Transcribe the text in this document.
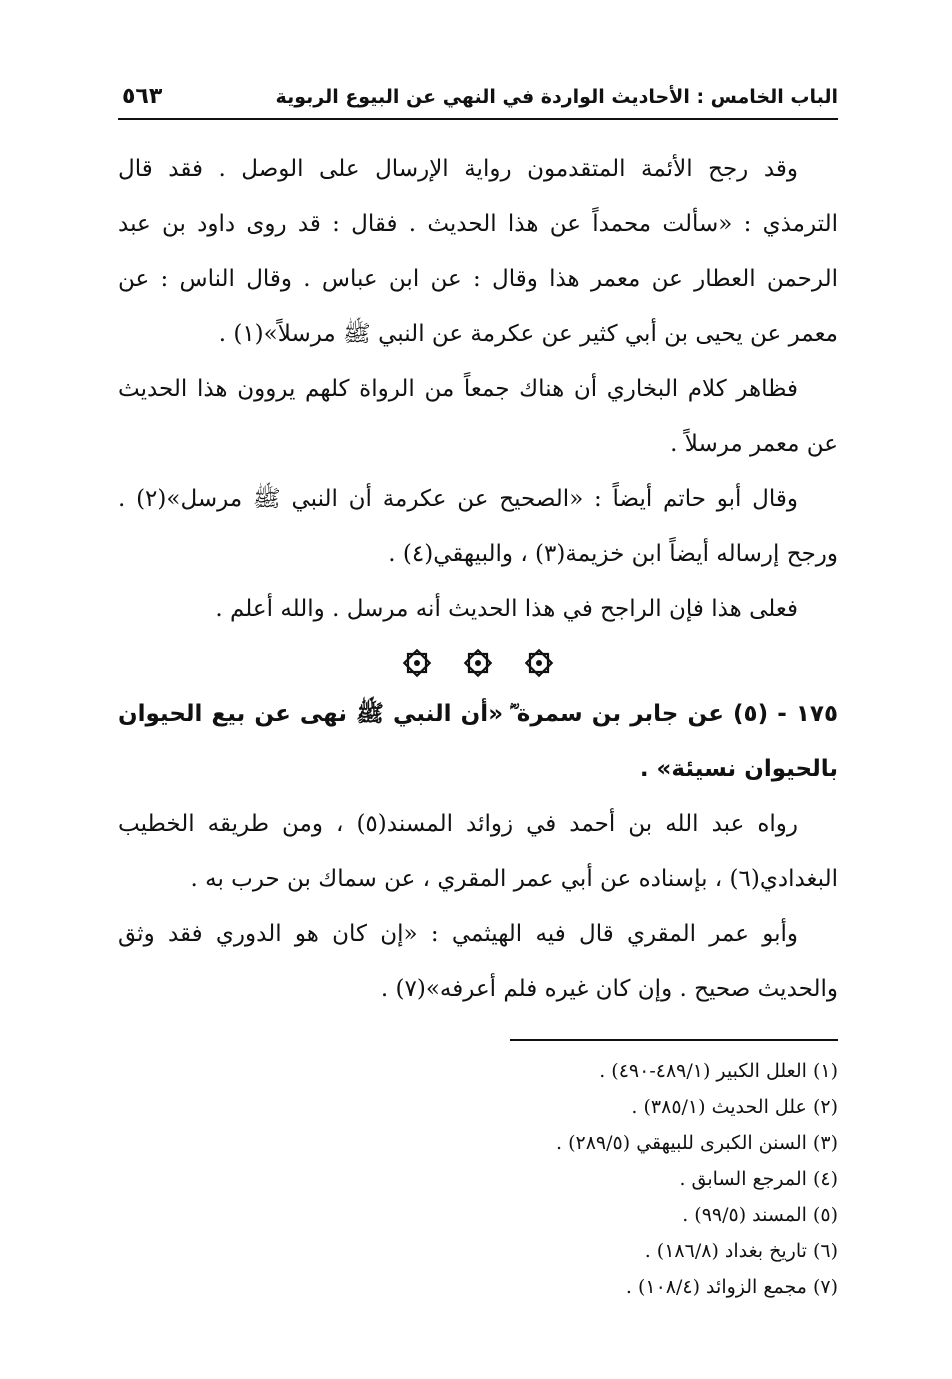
الباب الخامس : الأحاديث الواردة في النهي عن البيوع الربوية
٥٦٣

وقد رجح الأئمة المتقدمون رواية الإرسال على الوصل . فقد قال الترمذي : «سألت محمداً عن هذا الحديث . فقال : قد روى داود بن عبد الرحمن العطار عن معمر هذا وقال : عن ابن عباس . وقال الناس : عن معمر عن يحيى بن أبي كثير عن عكرمة عن النبي ﷺ مرسلاً»(١) .

فظاهر كلام البخاري أن هناك جمعاً من الرواة كلهم يروون هذا الحديث عن معمر مرسلاً .

وقال أبو حاتم أيضاً : «الصحيح عن عكرمة أن النبي ﷺ مرسل»(٢) . ورجح إرساله أيضاً ابن خزيمة(٣) ، والبيهقي(٤) .

فعلى هذا فإن الراجح في هذا الحديث أنه مرسل . والله أعلم .

١٧٥ - (٥) عن جابر بن سمرة ؓ «أن النبي ﷺ نهى عن بيع الحيوان بالحيوان نسيئة» .

رواه عبد الله بن أحمد في زوائد المسند(٥) ، ومن طريقه الخطيب البغدادي(٦) ، بإسناده عن أبي عمر المقري ، عن سماك بن حرب به .

وأبو عمر المقري قال فيه الهيثمي : «إن كان هو الدوري فقد وثق والحديث صحيح . وإن كان غيره فلم أعرفه»(٧) .

(١) العلل الكبير (٤٨٩/١-٤٩٠) .

(٢) علل الحديث (٣٨٥/١) .

(٣) السنن الكبرى للبيهقي (٢٨٩/٥) .

(٤) المرجع السابق .

(٥) المسند (٩٩/٥) .

(٦) تاريخ بغداد (١٨٦/٨) .

(٧) مجمع الزوائد (١٠٨/٤) .
